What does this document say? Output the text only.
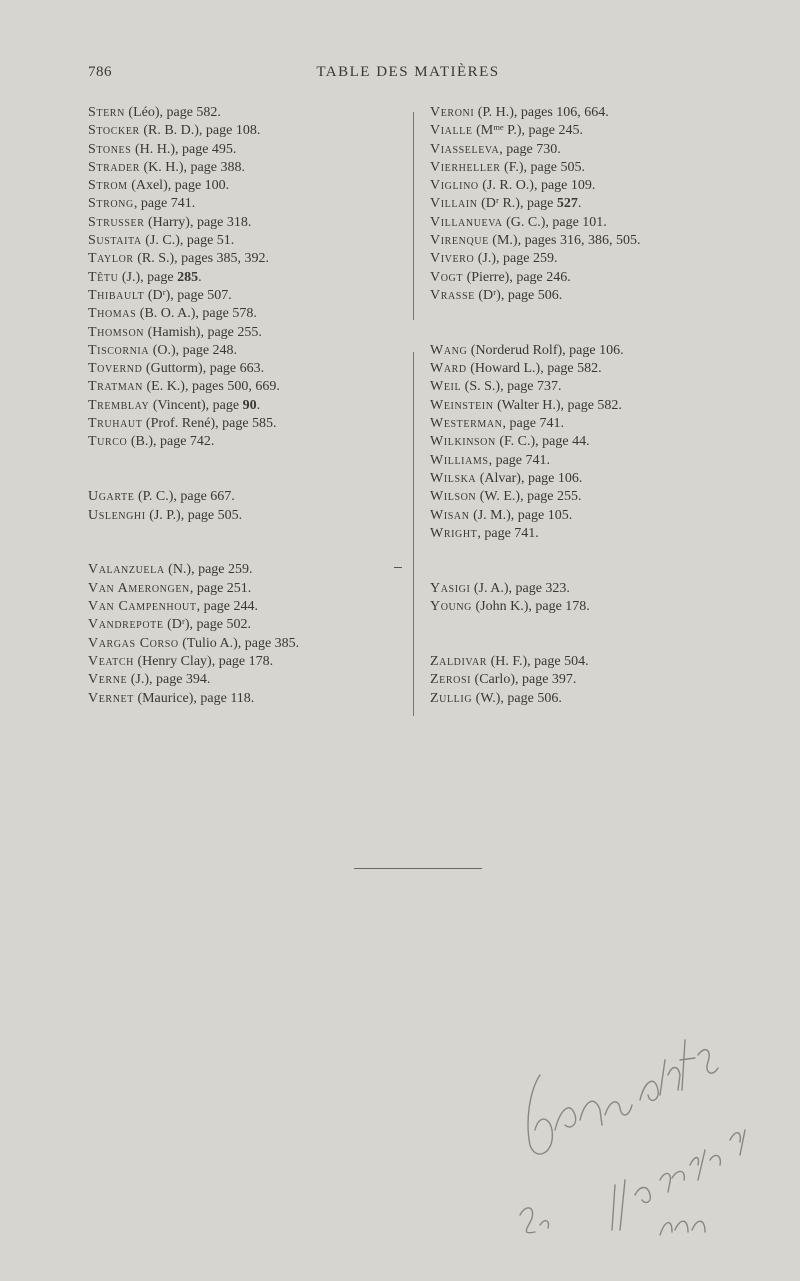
786	TABLE DES MATIÈRES
Stern (Léo), page 582.
Stocker (R. B. D.), page 108.
Stones (H. H.), page 495.
Strader (K. H.), page 388.
Strom (Axel), page 100.
Strong, page 741.
Strusser (Harry), page 318.
Sustaita (J. C.), page 51.
Taylor (R. S.), pages 385, 392.
Têtu (J.), page 285.
Thibault (Dʳ), page 507.
Thomas (B. O. A.), page 578.
Thomson (Hamish), page 255.
Tiscornia (O.), page 248.
Tovernd (Guttorm), page 663.
Tratman (E. K.), pages 500, 669.
Tremblay (Vincent), page 90.
Truhaut (Prof. René), page 585.
Turco (B.), page 742.
Ugarte (P. C.), page 667.
Uslenghi (J. P.), page 505.
Valanzuela (N.), page 259.
Van Amerongen, page 251.
Van Campenhout, page 244.
Vandrepote (Dʳ), page 502.
Vargas Corso (Tulio A.), page 385.
Veatch (Henry Clay), page 178.
Verne (J.), page 394.
Vernet (Maurice), page 118.
Veroni (P. H.), pages 106, 664.
Vialle (Mᵐᵉ P.), page 245.
Viasseleva, page 730.
Vierheller (F.), page 505.
Viglino (J. R. O.), page 109.
Villain (Dʳ R.), page 527.
Villanueva (G. C.), page 101.
Virenque (M.), pages 316, 386, 505.
Vivero (J.), page 259.
Vogt (Pierre), page 246.
Vrasse (Dʳ), page 506.
Wang (Norderud Rolf), page 106.
Ward (Howard L.), page 582.
Weil (S. S.), page 737.
Weinstein (Walter H.), page 582.
Westerman, page 741.
Wilkinson (F. C.), page 44.
Williams, page 741.
Wilska (Alvar), page 106.
Wilson (W. E.), page 255.
Wisan (J. M.), page 105.
Wright, page 741.
Yasigi (J. A.), page 323.
Young (John K.), page 178.
Zaldivar (H. F.), page 504.
Zerosi (Carlo), page 397.
Zullig (W.), page 506.
